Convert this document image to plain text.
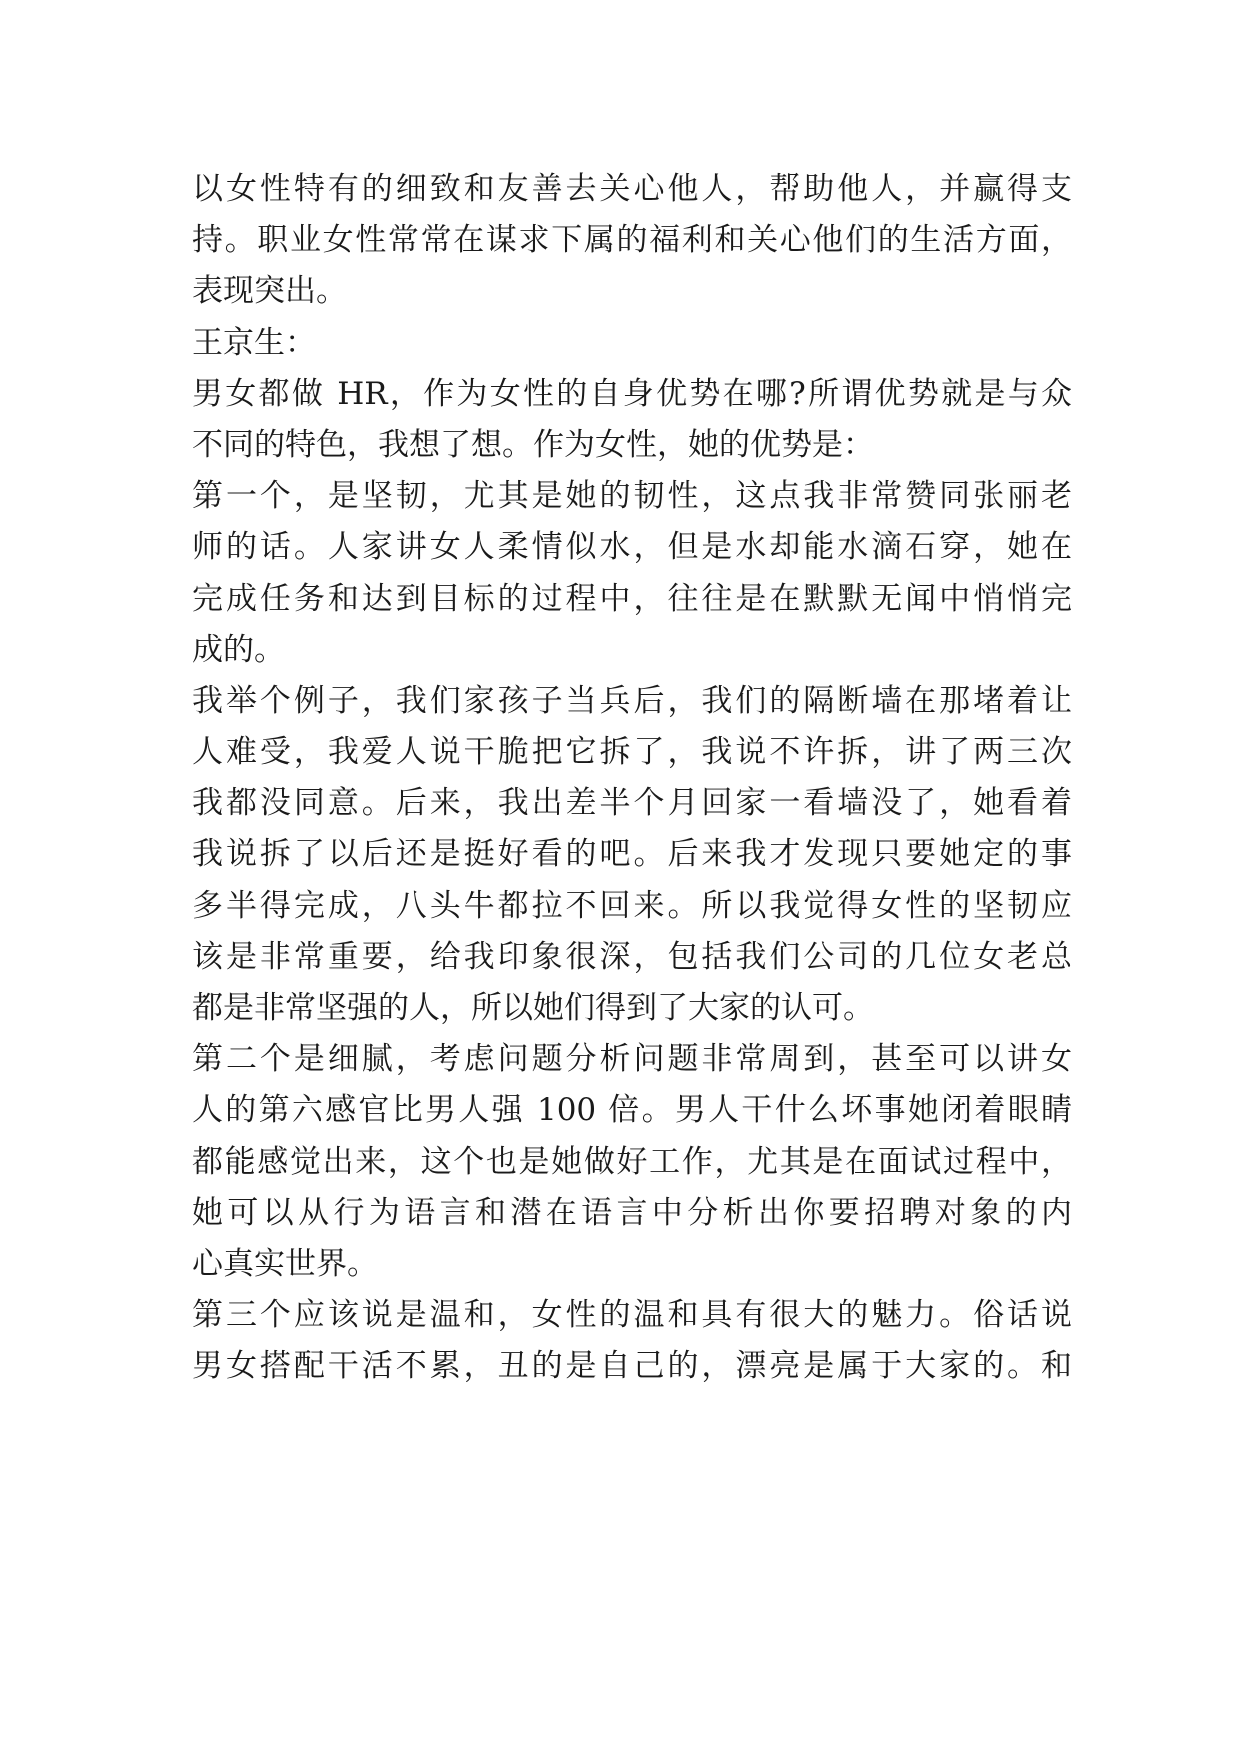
以女性特有的细致和友善去关心他人，帮助他人，并赢得支
持。职业女性常常在谋求下属的福利和关心他们的生活方面，
表现突出。
王京生：
男女都做 HR，作为女性的自身优势在哪?所谓优势就是与众
不同的特色，我想了想。作为女性，她的优势是：
第一个，是坚韧，尤其是她的韧性，这点我非常赞同张丽老
师的话。人家讲女人柔情似水，但是水却能水滴石穿，她在
完成任务和达到目标的过程中，往往是在默默无闻中悄悄完
成的。
我举个例子，我们家孩子当兵后，我们的隔断墙在那堵着让
人难受，我爱人说干脆把它拆了，我说不许拆，讲了两三次
我都没同意。后来，我出差半个月回家一看墙没了，她看着
我说拆了以后还是挺好看的吧。后来我才发现只要她定的事
多半得完成，八头牛都拉不回来。所以我觉得女性的坚韧应
该是非常重要，给我印象很深，包括我们公司的几位女老总
都是非常坚强的人，所以她们得到了大家的认可。
第二个是细腻，考虑问题分析问题非常周到，甚至可以讲女
人的第六感官比男人强 100 倍。男人干什么坏事她闭着眼睛
都能感觉出来，这个也是她做好工作，尤其是在面试过程中，
她可以从行为语言和潜在语言中分析出你要招聘对象的内
心真实世界。
第三个应该说是温和，女性的温和具有很大的魅力。俗话说
男女搭配干活不累，丑的是自己的，漂亮是属于大家的。和
